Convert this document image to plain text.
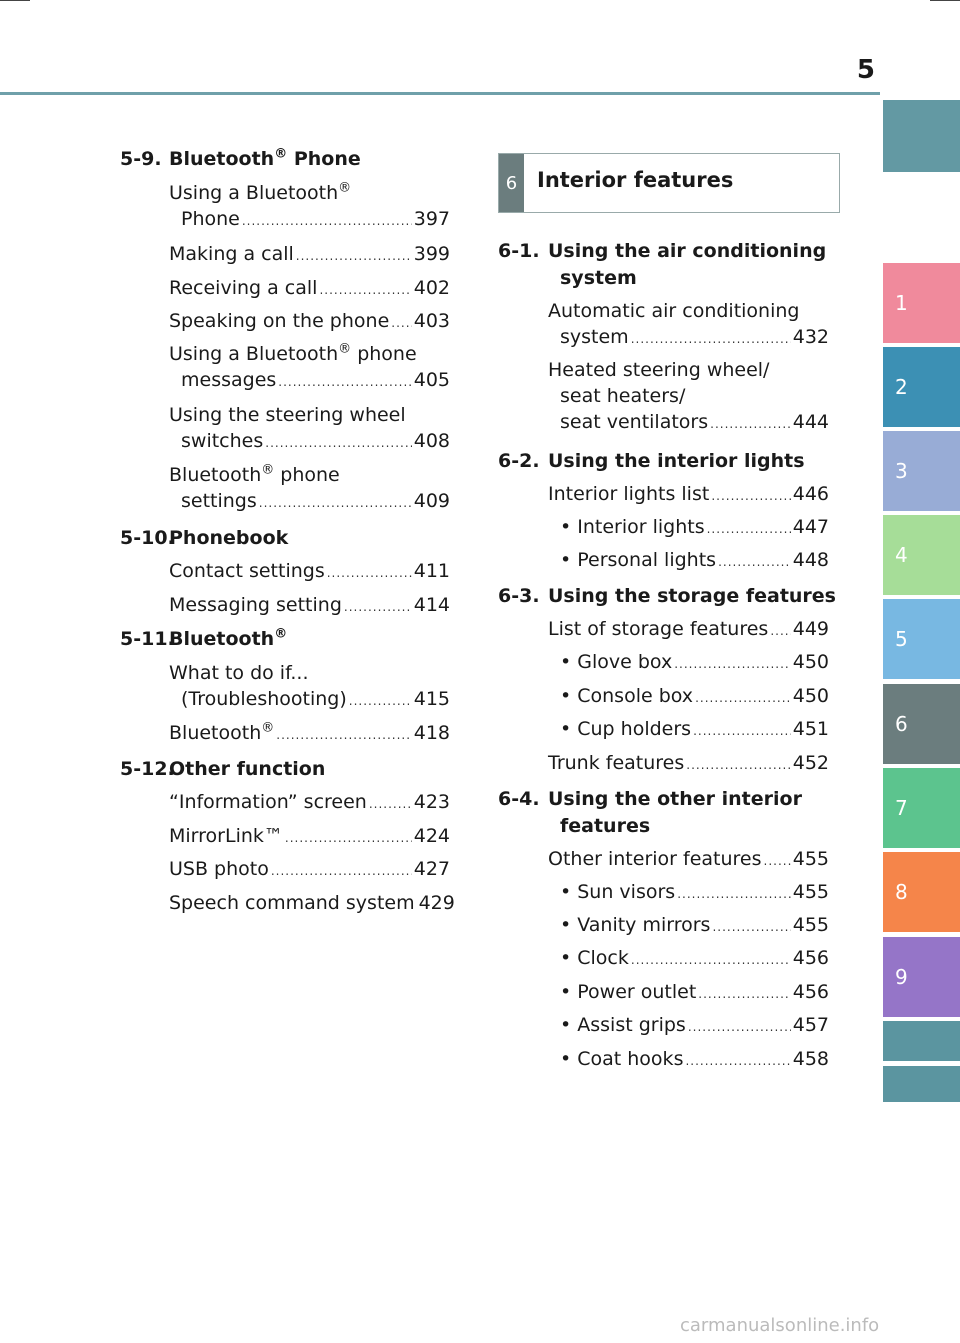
5
1
2
3
4
5
6
7
8
9
5-9. Bluetooth® Phone
Using a Bluetooth®
Phone .....	397
Making a call .....	399
Receiving a call .....	402
Speaking on the phone ..... 403
Using a Bluetooth® phone
messages .....	405
Using the steering wheel
switches .....	408
Bluetooth® phone
settings .....	409
5-10.
Phonebook
Contact settings .....	411
Messaging setting .....	414
5-11.
Bluetooth®
What to do if...
(Troubleshooting) .....	415
Bluetooth® .....	418
5-12.
Other function
“Information” screen ..... 423
MirrorLink™ .....	424
USB photo .....	427
Speech command system 429
6 Interior features
6-1. Using the air conditioning
system
Automatic air conditioning
system .....	432
Heated steering wheel/
seat heaters/
seat ventilators .....	444
6-2. Using the interior lights
Interior lights list .....	446
• Interior lights .....	447
• Personal lights .....	448
6-3. Using the storage features
List of storage features ..... 449
• Glove box .....	450
• Console box .....	450
• Cup holders .....	451
Trunk features .....	452
6-4. Using the other interior
features
Other interior features ..... 455
• Sun visors .....	455
• Vanity mirrors .....	455
• Clock .....	456
• Power outlet .....	456
• Assist grips .....	457
• Coat hooks .....	458
carmanualsonline.info
